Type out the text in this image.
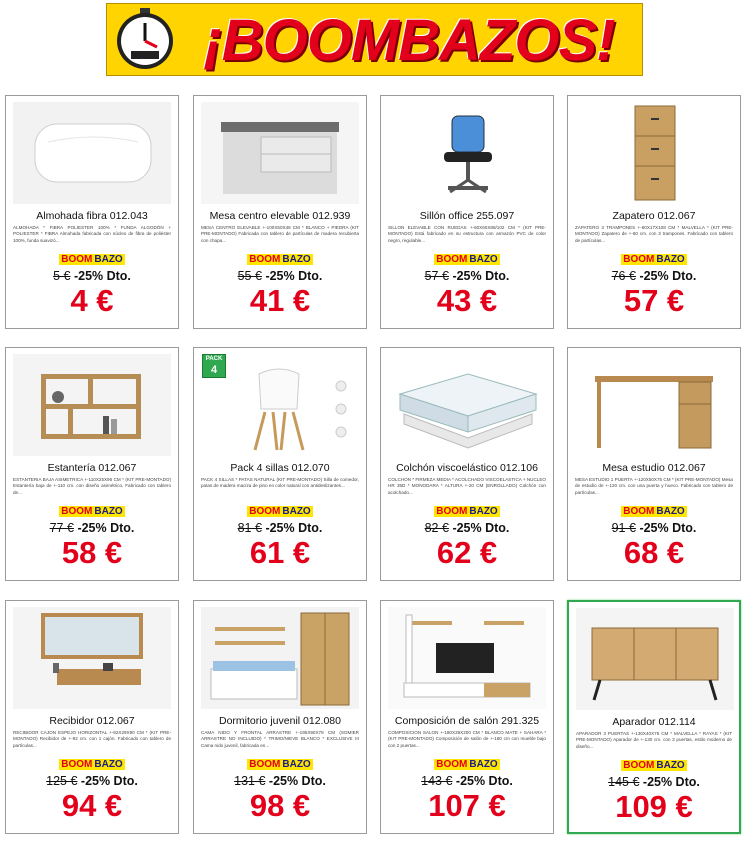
¡BOOMBAZOS!
Almohada fibra 012.043
ALMOHADA * FIBRA POLIESTER 100% * FUNDA ALGODÓN + POLIESTER * FIBRA Almohada fabricada con núcleo de fibra de poliéster 100%, funda suavizó...
BOOM BAZO
5 € -25% Dto.
4 €
Mesa centro elevable 012.939
MESA CENTRO ELEVABLE +-100X50X48 CM * BLANCO + PIEDRA (KIT PRE-MONTADO) Fabricada con tablero de partículas de madera recubierta con chapa...
BOOM BAZO
55 € -25% Dto.
41 €
Sillón office 255.097
SILLON ELEVABLE CON RUEDAS +-60X60X88/102 CM * (KIT PRE-MONTADO) Está fabricado en su estructura con armazón PVC de color negro, regulable...
BOOM BAZO
57 € -25% Dto.
43 €
Zapatero 012.067
ZAPATERO 3 TRAMPONES +-60X17X108 CM * MALVELLA * (KIT PRE-MONTADO) Zapatero de +-60 cm. con 3 trampones. Fabricado con tablero de partículas...
BOOM BAZO
76 € -25% Dto.
57 €
Estantería 012.067
ESTANTERIA BAJA ASIMETRICA +-110X25X96 CM * (KIT PRE-MONTADO) Estantería baja de +-110 cm. con diseño asimétrico, Fabricado con tablero de...
BOOM BAZO
77 € -25% Dto.
58 €
PACK
4
Pack 4 sillas 012.070
PACK 4 SILLAS * PATAS NATURAL (KIT PRE-MONTADO) Silla de comedor, patas de madera maciza de pino en color natural con antideslizantes...
BOOM BAZO
81 € -25% Dto.
61 €
Colchón viscoelástico 012.106
COLCHON * FIRMEZA MEDIA * ACOLCHADO VISCOELASTICA + NUCLEO HR 35D * MONODARA * ALTURA +-20 CM (ENROLLADO) Colchón con acolchado...
BOOM BAZO
82 € -25% Dto.
62 €
Mesa estudio 012.067
MESA ESTUDIO 1 PUERTA +-120X50X75 CM * (KIT PRE-MONTADO) Mesa de estudio de +-120 cm. con una puerta y hueco. Fabricado con tablero de partículas...
BOOM BAZO
91 € -25% Dto.
68 €
Recibidor 012.067
RECIBIDOR CAJON ESPEJO HORIZONTAL +-92X29X90 CM * (KIT PRE-MONTADO) Recibidor de +-92 cm. con 1 cajón. Fabricado con tablero de partículas...
BOOM BAZO
125 € -25% Dto.
94 €
Dormitorio juvenil 012.080
CAMA NIDO Y FRONTAL ARRASTRE +-195X90X78 CM (SOMIER ARRASTRE NO INCLUIDO) * TRIMO/NIEVE BLANCO * EXCLUSIVE III Cama nido juvenil, fabricada en...
BOOM BAZO
131 € -25% Dto.
98 €
Composición de salón 291.325
COMPOSICION SALON +-180X39X200 CM * BLANCO MATE + SAHARA * (KIT PRE-MONTADO) Composición de salón de +-180 cm con mueble bajo con 2 puertas...
BOOM BAZO
143 € -25% Dto.
107 €
Aparador 012.114
APARADOR 3 PUERTAS +-130X40X75 CM * MALVELLA * RAYAS * (KIT PRE-MONTADO) Aparador de +-130 cm. con 3 puertas, estilo moderno de diseño...
BOOM BAZO
145 € -25% Dto.
109 €
